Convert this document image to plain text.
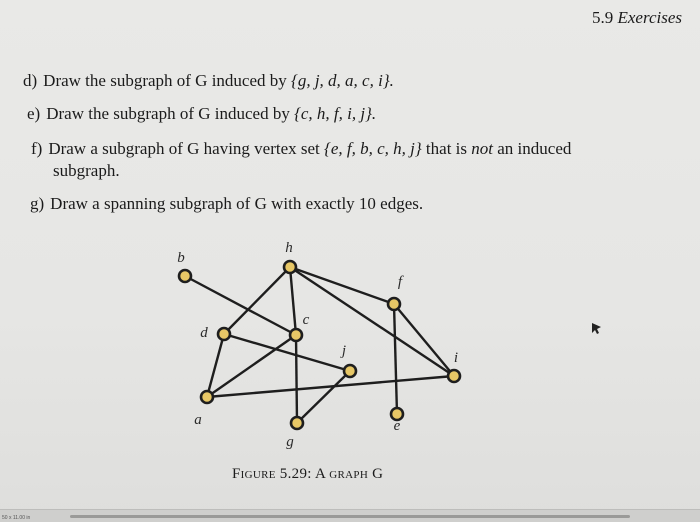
5.9 Exercises
d) Draw the subgraph of G induced by {g, j, d, a, c, i}.
e) Draw the subgraph of G induced by {c, h, f, i, j}.
f) Draw a subgraph of G having vertex set {e, f, b, c, h, j} that is not an induced
subgraph.
g) Draw a spanning subgraph of G with exactly 10 edges.
b
h
f
c
d
j	i
a
g
e
Figure 5.29: A graph G
50 x 11.00 in
